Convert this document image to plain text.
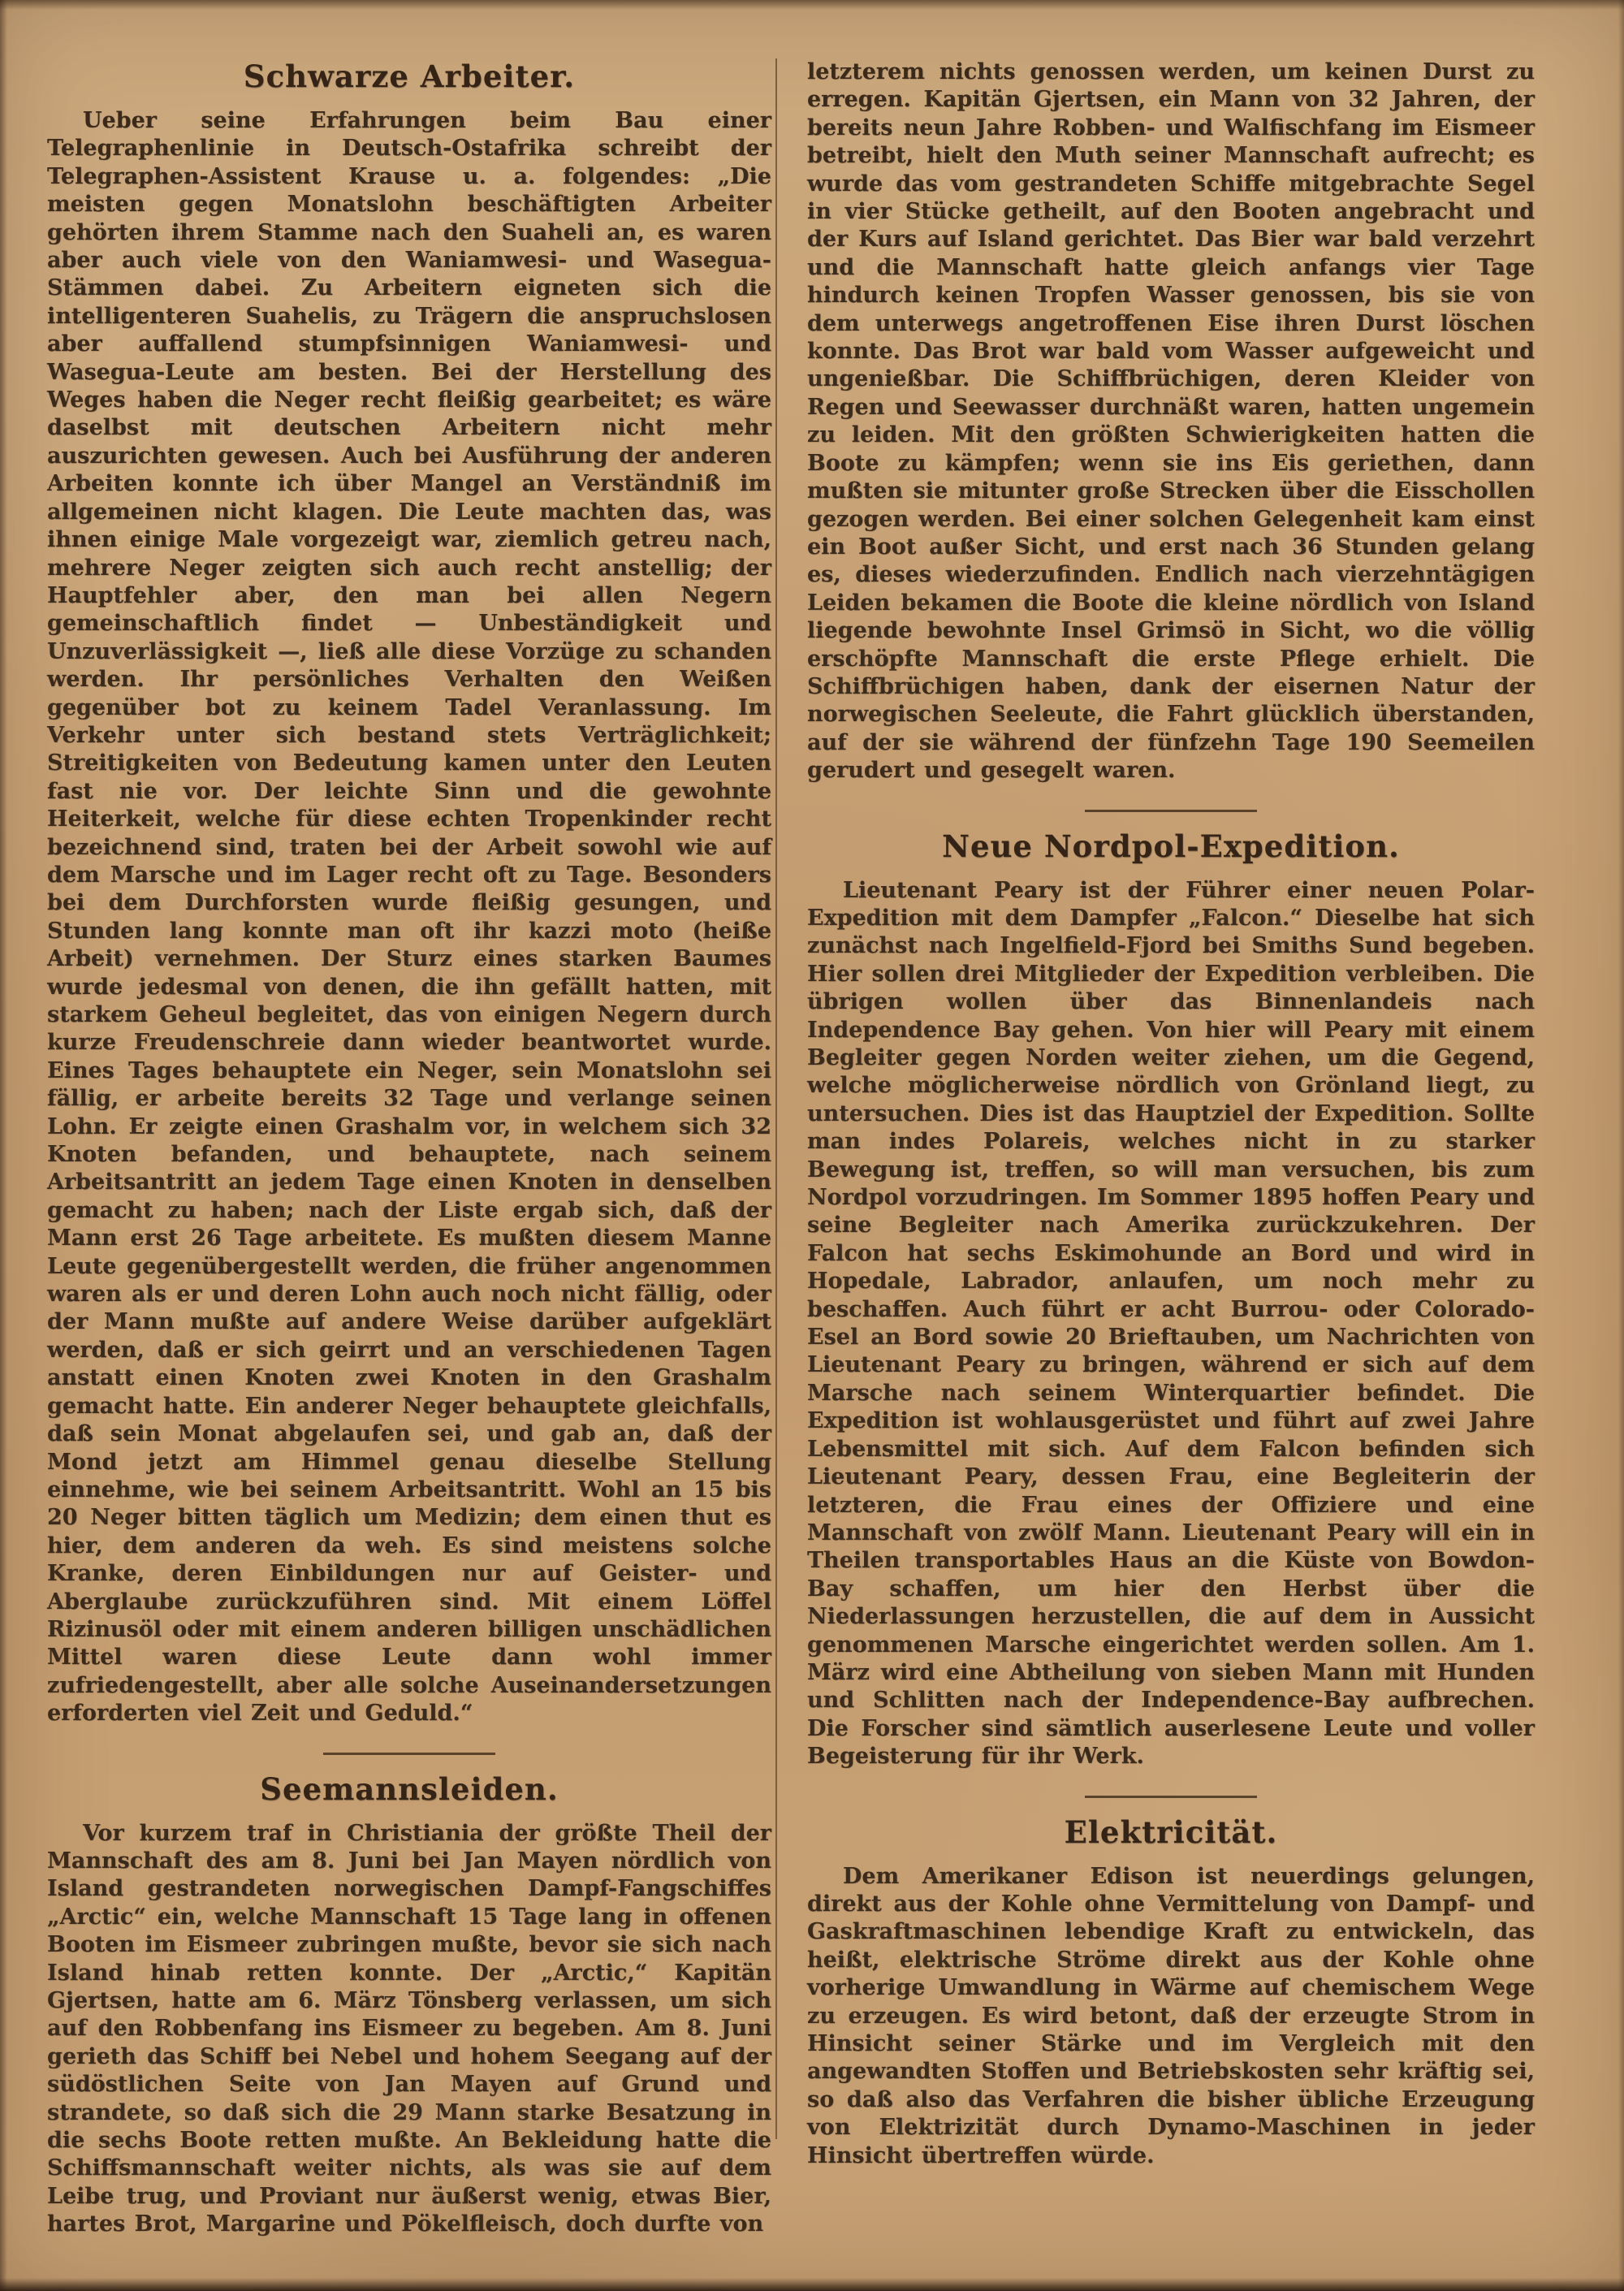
Schwarze Arbeiter.

Ueber seine Erfahrungen beim Bau einer Telegraphenlinie in Deutsch-Ostafrika schreibt der Telegraphen-Assistent Krause u. a. folgendes: „Die meisten gegen Monatslohn beschäftigten Arbeiter gehörten ihrem Stamme nach den Suaheli an, es waren aber auch viele von den Waniamwesi- und Wasegua-Stämmen dabei. Zu Arbeitern eigneten sich die intelligenteren Suahelis, zu Trägern die anspruchslosen aber auffallend stumpfsinnigen Waniamwesi- und Wasegua-Leute am besten. Bei der Herstellung des Weges haben die Neger recht fleißig gearbeitet; es wäre daselbst mit deutschen Arbeitern nicht mehr auszurichten gewesen. Auch bei Ausführung der anderen Arbeiten konnte ich über Mangel an Verständniß im allgemeinen nicht klagen. Die Leute machten das, was ihnen einige Male vorgezeigt war, ziemlich getreu nach, mehrere Neger zeigten sich auch recht anstellig; der Hauptfehler aber, den man bei allen Negern gemeinschaftlich findet — Unbeständigkeit und Unzuverlässigkeit —, ließ alle diese Vorzüge zu schanden werden. Ihr persönliches Verhalten den Weißen gegenüber bot zu keinem Tadel Veranlassung. Im Verkehr unter sich bestand stets Verträglichkeit; Streitigkeiten von Bedeutung kamen unter den Leuten fast nie vor. Der leichte Sinn und die gewohnte Heiterkeit, welche für diese echten Tropenkinder recht bezeichnend sind, traten bei der Arbeit sowohl wie auf dem Marsche und im Lager recht oft zu Tage. Besonders bei dem Durchforsten wurde fleißig gesungen, und Stunden lang konnte man oft ihr kazzi moto (heiße Arbeit) vernehmen. Der Sturz eines starken Baumes wurde jedesmal von denen, die ihn gefällt hatten, mit starkem Geheul begleitet, das von einigen Negern durch kurze Freudenschreie dann wieder beantwortet wurde. Eines Tages behauptete ein Neger, sein Monatslohn sei fällig, er arbeite bereits 32 Tage und verlange seinen Lohn. Er zeigte einen Grashalm vor, in welchem sich 32 Knoten befanden, und behauptete, nach seinem Arbeitsantritt an jedem Tage einen Knoten in denselben gemacht zu haben; nach der Liste ergab sich, daß der Mann erst 26 Tage arbeitete. Es mußten diesem Manne Leute gegenübergestellt werden, die früher angenommen waren als er und deren Lohn auch noch nicht fällig, oder der Mann mußte auf andere Weise darüber aufgeklärt werden, daß er sich geirrt und an verschiedenen Tagen anstatt einen Knoten zwei Knoten in den Grashalm gemacht hatte. Ein anderer Neger behauptete gleichfalls, daß sein Monat abgelaufen sei, und gab an, daß der Mond jetzt am Himmel genau dieselbe Stellung einnehme, wie bei seinem Arbeitsantritt. Wohl an 15 bis 20 Neger bitten täglich um Medizin; dem einen thut es hier, dem anderen da weh. Es sind meistens solche Kranke, deren Einbildungen nur auf Geister- und Aberglaube zurückzuführen sind. Mit einem Löffel Rizinusöl oder mit einem anderen billigen unschädlichen Mittel waren diese Leute dann wohl immer zufriedengestellt, aber alle solche Auseinandersetzungen erforderten viel Zeit und Geduld.“

Seemannsleiden.

Vor kurzem traf in Christiania der größte Theil der Mannschaft des am 8. Juni bei Jan Mayen nördlich von Island gestrandeten norwegischen Dampf-Fangschiffes „Arctic“ ein, welche Mannschaft 15 Tage lang in offenen Booten im Eismeer zubringen mußte, bevor sie sich nach Island hinab retten konnte. Der „Arctic,“ Kapitän Gjertsen, hatte am 6. März Tönsberg verlassen, um sich auf den Robbenfang ins Eismeer zu begeben. Am 8. Juni gerieth das Schiff bei Nebel und hohem Seegang auf der südöstlichen Seite von Jan Mayen auf Grund und strandete, so daß sich die 29 Mann starke Besatzung in die sechs Boote retten mußte. An Bekleidung hatte die Schiffsmannschaft weiter nichts, als was sie auf dem Leibe trug, und Proviant nur äußerst wenig, etwas Bier, hartes Brot, Margarine und Pökelfleisch, doch durfte von

letzterem nichts genossen werden, um keinen Durst zu erregen. Kapitän Gjertsen, ein Mann von 32 Jahren, der bereits neun Jahre Robben- und Walfischfang im Eismeer betreibt, hielt den Muth seiner Mannschaft aufrecht; es wurde das vom gestrandeten Schiffe mitgebrachte Segel in vier Stücke getheilt, auf den Booten angebracht und der Kurs auf Island gerichtet. Das Bier war bald verzehrt und die Mannschaft hatte gleich anfangs vier Tage hindurch keinen Tropfen Wasser genossen, bis sie von dem unterwegs angetroffenen Eise ihren Durst löschen konnte. Das Brot war bald vom Wasser aufgeweicht und ungenießbar. Die Schiffbrüchigen, deren Kleider von Regen und Seewasser durchnäßt waren, hatten ungemein zu leiden. Mit den größten Schwierigkeiten hatten die Boote zu kämpfen; wenn sie ins Eis geriethen, dann mußten sie mitunter große Strecken über die Eisschollen gezogen werden. Bei einer solchen Gelegenheit kam einst ein Boot außer Sicht, und erst nach 36 Stunden gelang es, dieses wiederzufinden. Endlich nach vierzehntägigen Leiden bekamen die Boote die kleine nördlich von Island liegende bewohnte Insel Grimsö in Sicht, wo die völlig erschöpfte Mannschaft die erste Pflege erhielt. Die Schiffbrüchigen haben, dank der eisernen Natur der norwegischen Seeleute, die Fahrt glücklich überstanden, auf der sie während der fünfzehn Tage 190 Seemeilen gerudert und gesegelt waren.

Neue Nordpol-Expedition.

Lieutenant Peary ist der Führer einer neuen Polar-Expedition mit dem Dampfer „Falcon.“ Dieselbe hat sich zunächst nach Ingelfield-Fjord bei Smiths Sund begeben. Hier sollen drei Mitglieder der Expedition verbleiben. Die übrigen wollen über das Binnenlandeis nach Independence Bay gehen. Von hier will Peary mit einem Begleiter gegen Norden weiter ziehen, um die Gegend, welche möglicherweise nördlich von Grönland liegt, zu untersuchen. Dies ist das Hauptziel der Expedition. Sollte man indes Polareis, welches nicht in zu starker Bewegung ist, treffen, so will man versuchen, bis zum Nordpol vorzudringen. Im Sommer 1895 hoffen Peary und seine Begleiter nach Amerika zurückzukehren. Der Falcon hat sechs Eskimohunde an Bord und wird in Hopedale, Labrador, anlaufen, um noch mehr zu beschaffen. Auch führt er acht Burrou- oder Colorado-Esel an Bord sowie 20 Brieftauben, um Nachrichten von Lieutenant Peary zu bringen, während er sich auf dem Marsche nach seinem Winterquartier befindet. Die Expedition ist wohlausgerüstet und führt auf zwei Jahre Lebensmittel mit sich. Auf dem Falcon befinden sich Lieutenant Peary, dessen Frau, eine Begleiterin der letzteren, die Frau eines der Offiziere und eine Mannschaft von zwölf Mann. Lieutenant Peary will ein in Theilen transportables Haus an die Küste von Bowdon-Bay schaffen, um hier den Herbst über die Niederlassungen herzustellen, die auf dem in Aussicht genommenen Marsche eingerichtet werden sollen. Am 1. März wird eine Abtheilung von sieben Mann mit Hunden und Schlitten nach der Independence-Bay aufbrechen. Die Forscher sind sämtlich auserlesene Leute und voller Begeisterung für ihr Werk.

Elektricität.

Dem Amerikaner Edison ist neuerdings gelungen, direkt aus der Kohle ohne Vermittelung von Dampf- und Gaskraftmaschinen lebendige Kraft zu entwickeln, das heißt, elektrische Ströme direkt aus der Kohle ohne vorherige Umwandlung in Wärme auf chemischem Wege zu erzeugen. Es wird betont, daß der erzeugte Strom in Hinsicht seiner Stärke und im Vergleich mit den angewandten Stoffen und Betriebskosten sehr kräftig sei, so daß also das Verfahren die bisher übliche Erzeugung von Elektrizität durch Dynamo-Maschinen in jeder Hinsicht übertreffen würde.
